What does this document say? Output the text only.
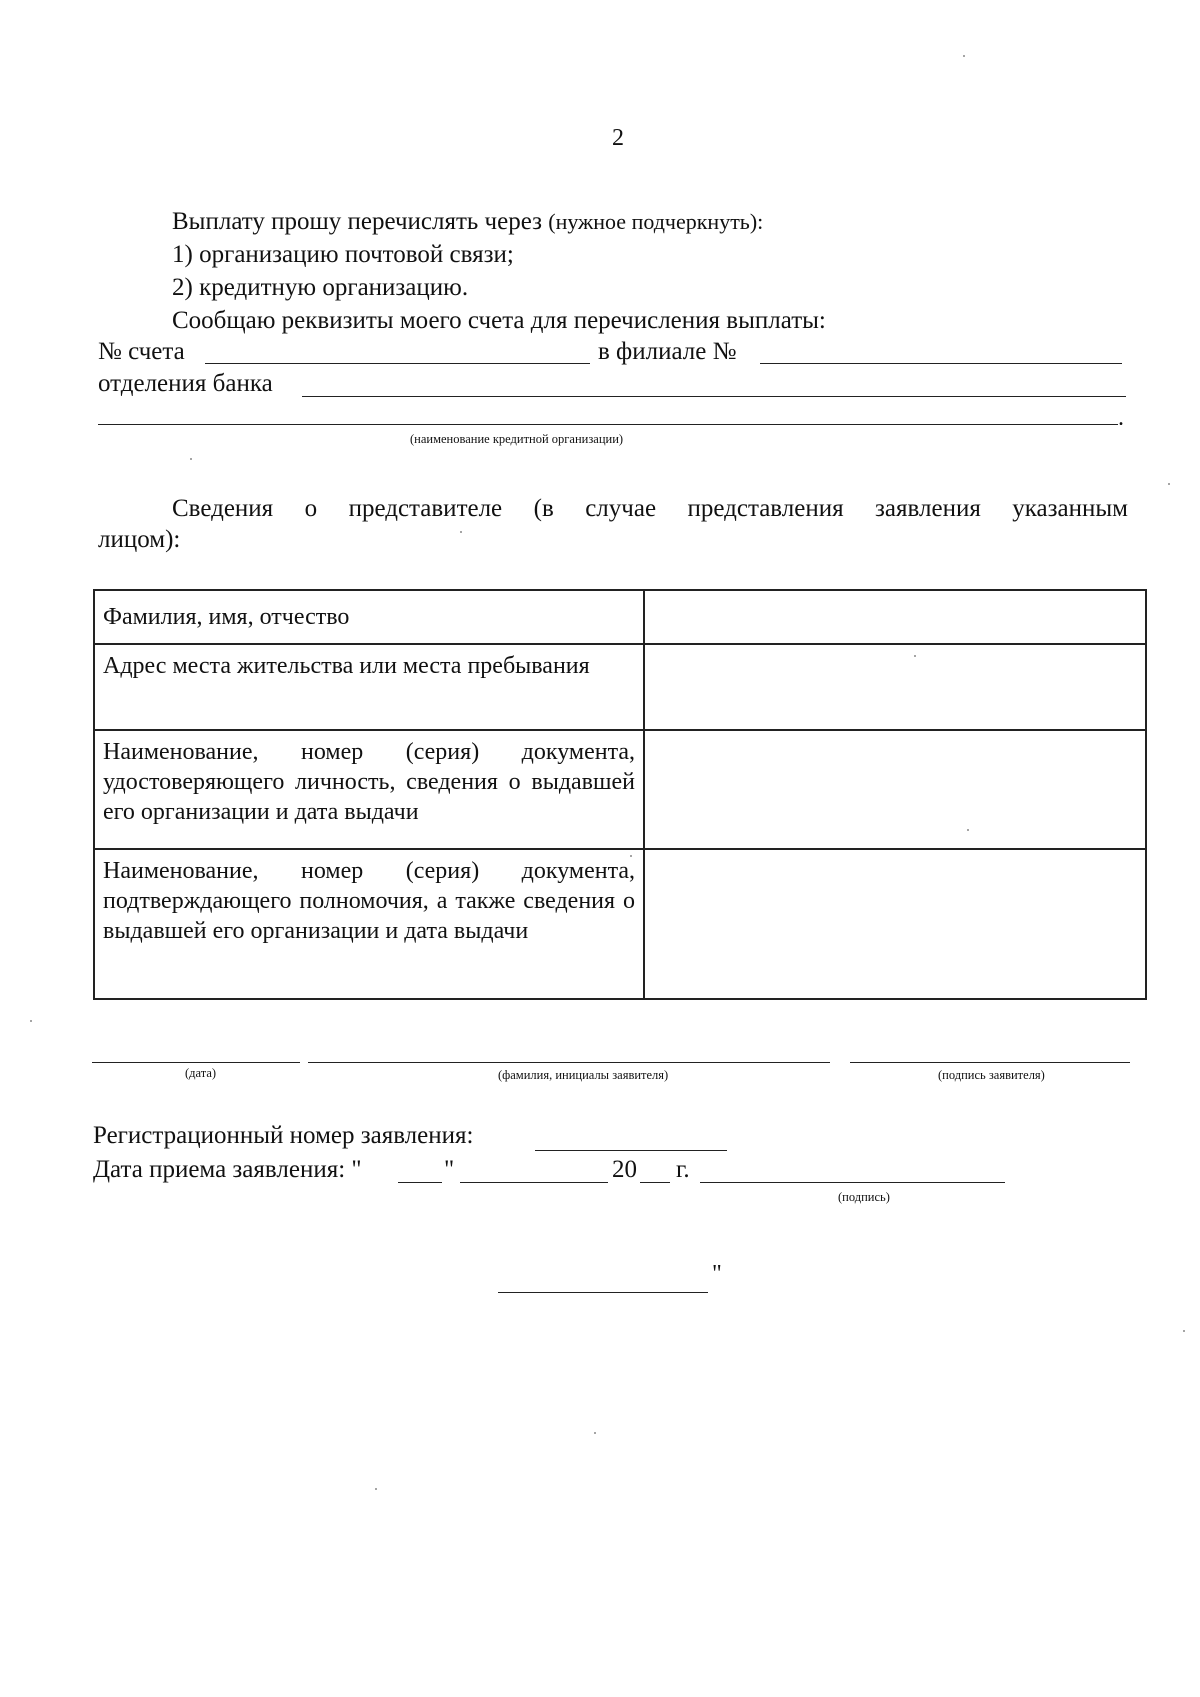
2
Выплату прошу перечислять через (нужное подчеркнуть):
1) организацию почтовой связи;
2) кредитную организацию.
Сообщаю реквизиты моего счета для перечисления выплаты:
№ счета	в филиале №
отделения банка
.
(наименование кредитной организации)
Сведения о представителе (в случае представления заявления указанным
лицом):
Фамилия, имя, отчество	
Адрес места жительства или места пребывания	
Наименование, номер (серия) документа, удостоверяющего личность, сведения о выдавшей его организации и дата выдачи	
Наименование, номер (серия) документа, подтверждающего полномочия, а также сведения о выдавшей его организации и дата выдачи	
(дата)	(фамилия, инициалы заявителя)	(подпись заявителя)
Регистрационный номер заявления:
Дата приема заявления: "	"	20 г.
(подпись)
"
